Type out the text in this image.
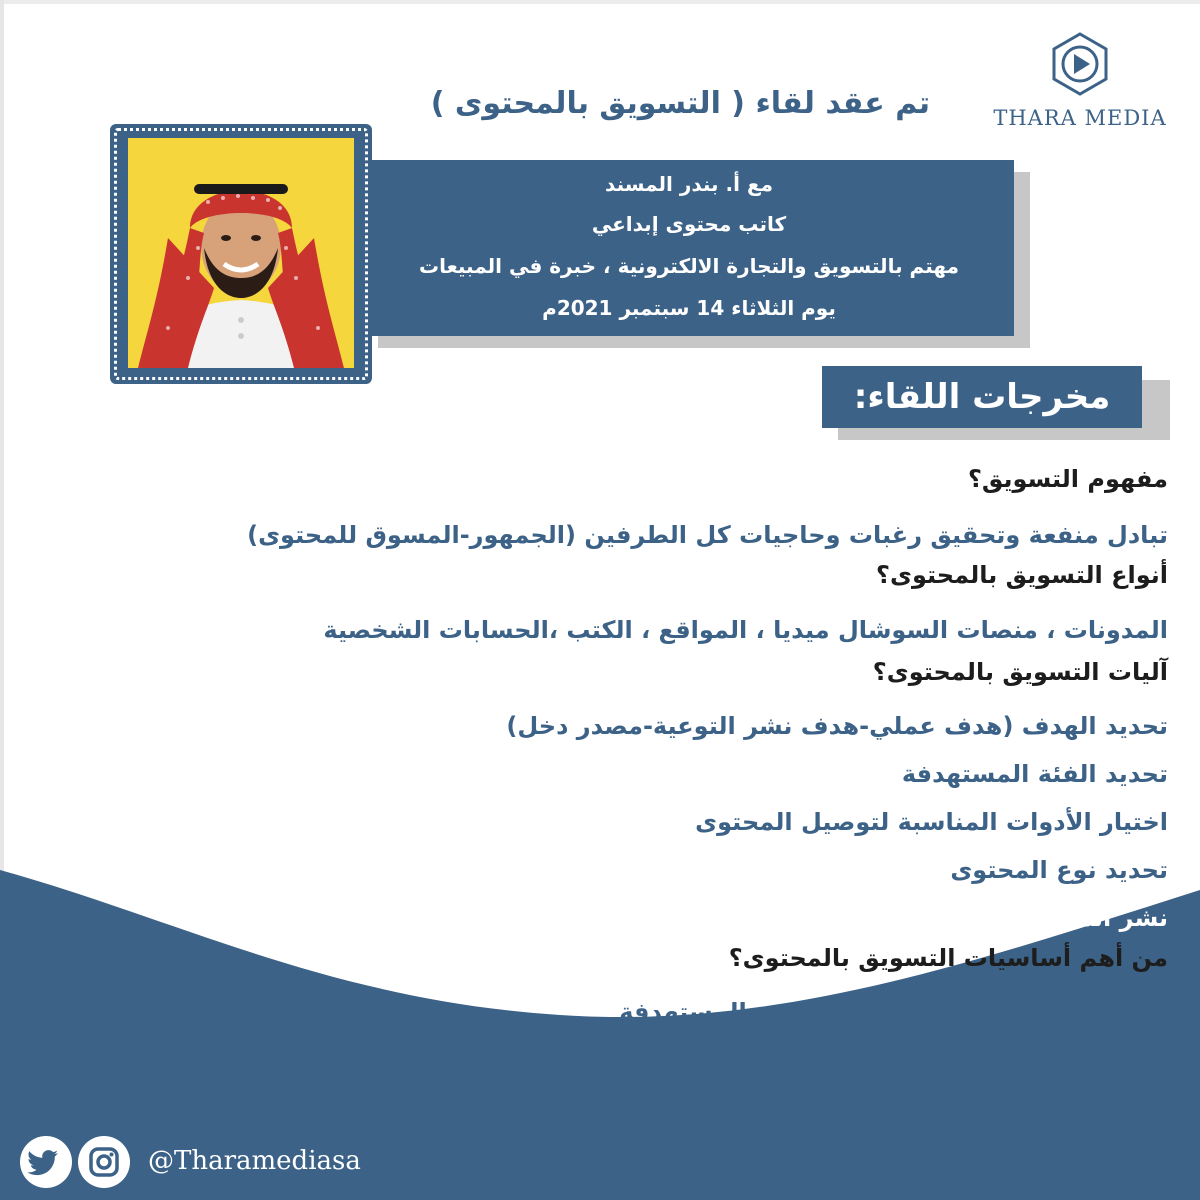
THARA MEDIA
تم عقد لقاء ( التسويق بالمحتوى )
مع أ. بندر المسند
كاتب محتوى إبداعي
مهتم بالتسويق والتجارة الالكترونية ، خبرة في المبيعات
يوم الثلاثاء 14 سبتمبر 2021م
مخرجات اللقاء:
مفهوم التسويق؟
تبادل منفعة وتحقيق رغبات وحاجيات كل الطرفين (الجمهور-المسوق للمحتوى)
أنواع التسويق بالمحتوى؟
المدونات ، منصات السوشال ميديا ، المواقع ، الكتب ،الحسابات الشخصية
آليات التسويق بالمحتوى؟
تحديد الهدف (هدف عملي-هدف نشر التوعية-مصدر دخل)
تحديد الفئة المستهدفة
اختيار الأدوات المناسبة لتوصيل المحتوى
تحديد نوع المحتوى
نشر المحتوى
من أهم أساسيات التسويق بالمحتوى؟
١-الصبر والاستمرارية ٢-تحديد الفئة المستهدفة
@Tharamediasa
